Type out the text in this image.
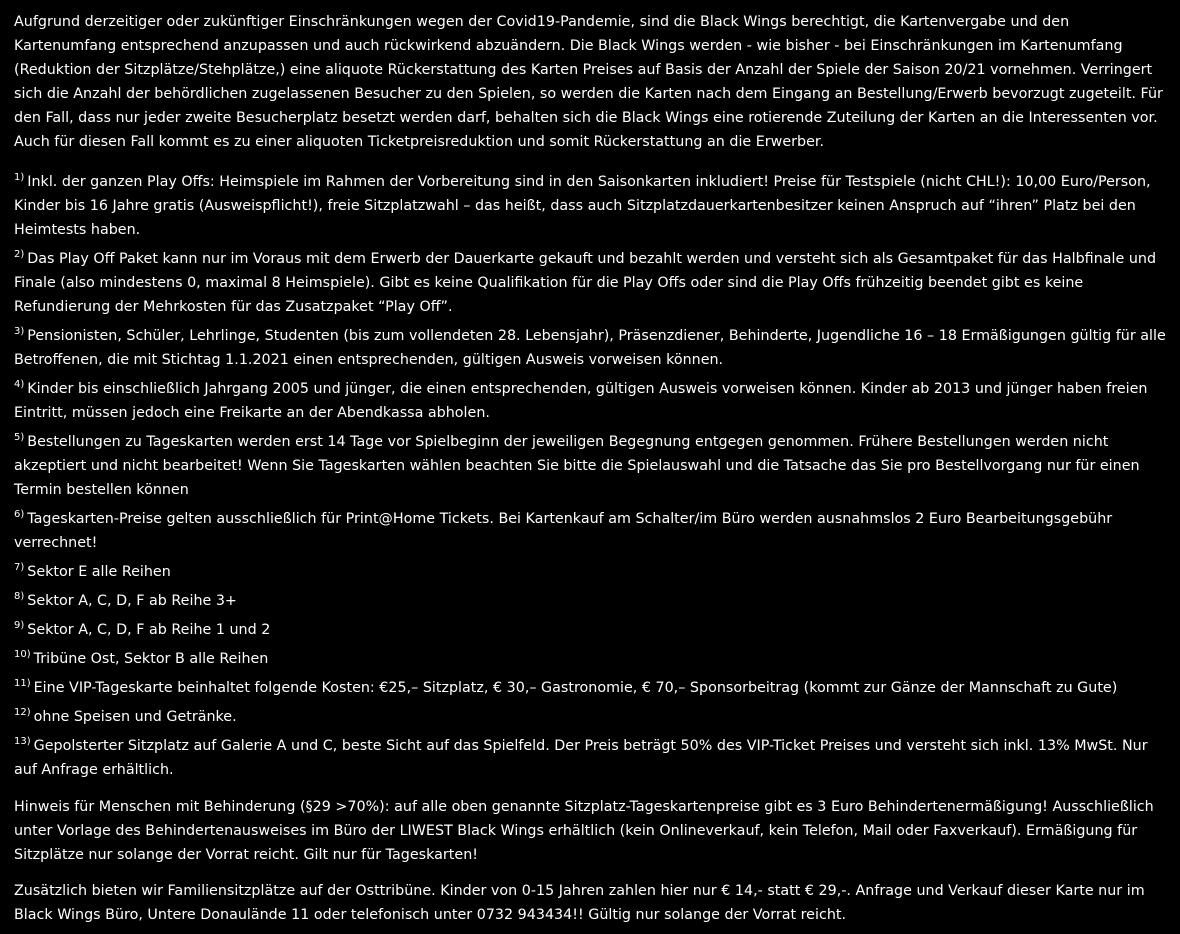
Aufgrund derzeitiger oder zukünftiger Einschränkungen wegen der Covid19-Pandemie, sind die Black Wings berechtigt, die Kartenvergabe und den Kartenumfang entsprechend anzupassen und auch rückwirkend abzuändern. Die Black Wings werden - wie bisher - bei Einschränkungen im Kartenumfang (Reduktion der Sitzplätze/Stehplätze,) eine aliquote Rückerstattung des Karten Preises auf Basis der Anzahl der Spiele der Saison 20/21 vornehmen. Verringert sich die Anzahl der behördlichen zugelassenen Besucher zu den Spielen, so werden die Karten nach dem Eingang an Bestellung/Erwerb bevorzugt zugeteilt. Für den Fall, dass nur jeder zweite Besucherplatz besetzt werden darf, behalten sich die Black Wings eine rotierende Zuteilung der Karten an die Interessenten vor. Auch für diesen Fall kommt es zu einer aliquoten Ticketpreisreduktion und somit Rückerstattung an die Erwerber.

$^{1)}$ Inkl. der ganzen Play Offs: Heimspiele im Rahmen der Vorbereitung sind in den Saisonkarten inkludiert! Preise für Testspiele (nicht CHL!): 10,00 Euro/Person, Kinder bis 16 Jahre gratis (Ausweispflicht!), freie Sitzplatzwahl – das heißt, dass auch Sitzplatzdauerkartenbesitzer keinen Anspruch auf “ihren” Platz bei den Heimtests haben.
$^{2)}$ Das Play Off Paket kann nur im Voraus mit dem Erwerb der Dauerkarte gekauft und bezahlt werden und versteht sich als Gesamtpaket für das Halbfinale und Finale (also mindestens 0, maximal 8 Heimspiele). Gibt es keine Qualifikation für die Play Offs oder sind die Play Offs frühzeitig beendet gibt es keine Refundierung der Mehrkosten für das Zusatzpaket “Play Off”.
$^{3)}$ Pensionisten, Schüler, Lehrlinge, Studenten (bis zum vollendeten 28. Lebensjahr), Präsenzdiener, Behinderte, Jugendliche 16 – 18 Ermäßigungen gültig für alle Betroffenen, die mit Stichtag 1.1.2021 einen entsprechenden, gültigen Ausweis vorweisen können.
$^{4)}$ Kinder bis einschließlich Jahrgang 2005 und jünger, die einen entsprechenden, gültigen Ausweis vorweisen können. Kinder ab 2013 und jünger haben freien Eintritt, müssen jedoch eine Freikarte an der Abendkassa abholen.
$^{5)}$ Bestellungen zu Tageskarten werden erst 14 Tage vor Spielbeginn der jeweiligen Begegnung entgegen genommen. Frühere Bestellungen werden nicht akzeptiert und nicht bearbeitet! Wenn Sie Tageskarten wählen beachten Sie bitte die Spielauswahl und die Tatsache das Sie pro Bestellvorgang nur für einen Termin bestellen können
$^{6)}$ Tageskarten-Preise gelten ausschließlich für Print@Home Tickets. Bei Kartenkauf am Schalter/im Büro werden ausnahmslos 2 Euro Bearbeitungsgebühr verrechnet!
$^{7)}$ Sektor E alle Reihen
$^{8)}$ Sektor A, C, D, F ab Reihe 3+
$^{9)}$ Sektor A, C, D, F ab Reihe 1 und 2
$^{10)}$ Tribüne Ost, Sektor B alle Reihen
$^{11)}$ Eine VIP-Tageskarte beinhaltet folgende Kosten: €25,– Sitzplatz, € 30,– Gastronomie, € 70,– Sponsorbeitrag (kommt zur Gänze der Mannschaft zu Gute)
$^{12)}$ ohne Speisen und Getränke.
$^{13)}$ Gepolsterter Sitzplatz auf Galerie A und C, beste Sicht auf das Spielfeld. Der Preis beträgt 50% des VIP-Ticket Preises und versteht sich inkl. 13% MwSt. Nur auf Anfrage erhältlich.

Hinweis für Menschen mit Behinderung (§29 >70%): auf alle oben genannte Sitzplatz-Tageskartenpreise gibt es 3 Euro Behindertenermäßigung! Ausschließlich unter Vorlage des Behindertenausweises im Büro der LIWEST Black Wings erhältlich (kein Onlineverkauf, kein Telefon, Mail oder Faxverkauf). Ermäßigung für Sitzplätze nur solange der Vorrat reicht. Gilt nur für Tageskarten!

Zusätzlich bieten wir Familiensitzplätze auf der Osttribüne. Kinder von 0-15 Jahren zahlen hier nur € 14,- statt € 29,-. Anfrage und Verkauf dieser Karte nur im Black Wings Büro, Untere Donaulände 11 oder telefonisch unter 0732 943434!! Gültig nur solange der Vorrat reicht.
